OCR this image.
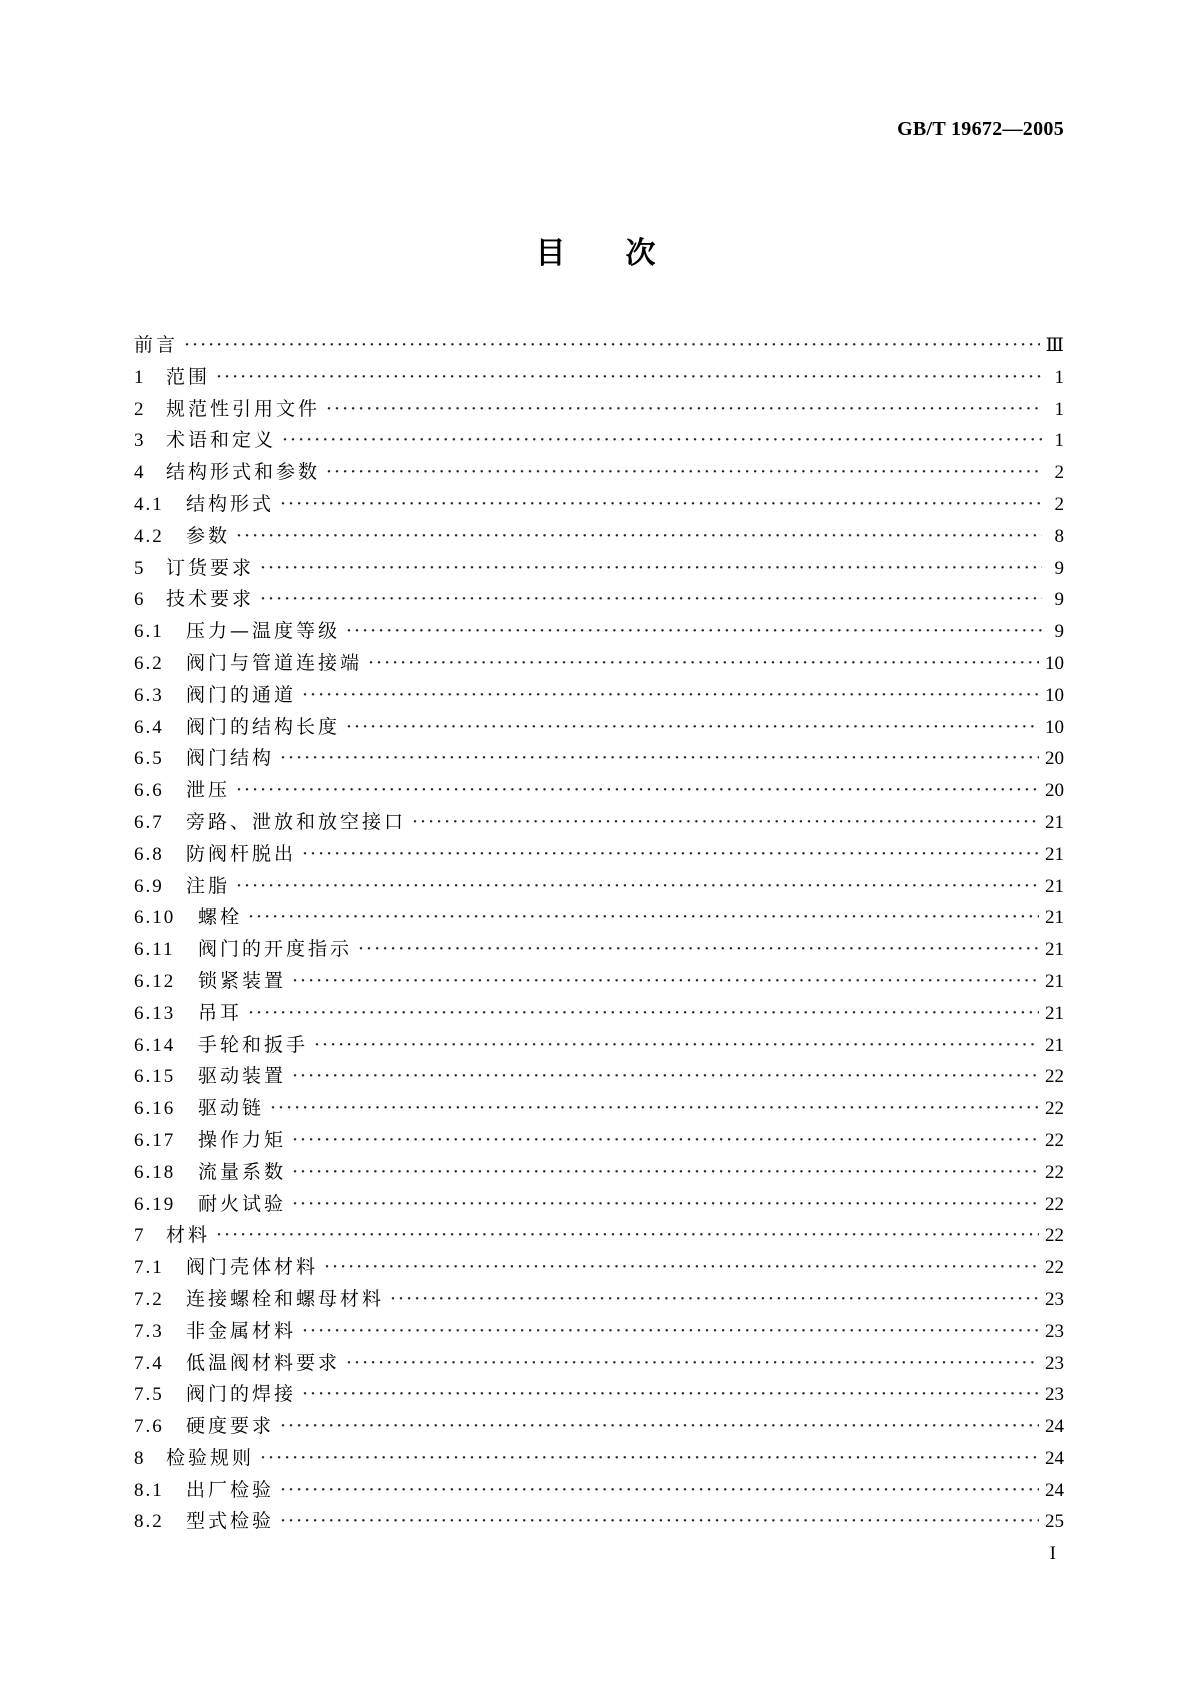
GB/T 19672—2005
目次
前言 ·····	Ⅲ
1	范围 ·····	1
2	规范性引用文件 ·····	1
3	术语和定义 ·····	1
4	结构形式和参数 ·····	2
4.1	结构形式 ·····	2
4.2	参数 ·····	8
5	订货要求 ·····	9
6	技术要求 ·····	9
6.1	压力—温度等级 ·····	9
6.2	阀门与管道连接端 ·····	10
6.3	阀门的通道 ·····	10
6.4	阀门的结构长度 ·····	10
6.5	阀门结构 ·····	20
6.6	泄压 ·····	20
6.7	旁路、泄放和放空接口 ·····	21
6.8	防阀杆脱出 ·····	21
6.9	注脂 ·····	21
6.10	螺栓 ·····	21
6.11	阀门的开度指示 ·····	21
6.12	锁紧装置 ·····	21
6.13	吊耳 ·····	21
6.14	手轮和扳手 ·····	21
6.15	驱动装置 ·····	22
6.16	驱动链 ·····	22
6.17	操作力矩 ·····	22
6.18	流量系数 ·····	22
6.19	耐火试验 ·····	22
7	材料 ·····	22
7.1	阀门壳体材料 ·····	22
7.2	连接螺栓和螺母材料 ·····	23
7.3	非金属材料 ·····	23
7.4	低温阀材料要求 ·····	23
7.5	阀门的焊接 ·····	23
7.6	硬度要求 ·····	24
8	检验规则 ·····	24
8.1	出厂检验 ·····	24
8.2	型式检验 ·····	25
I
